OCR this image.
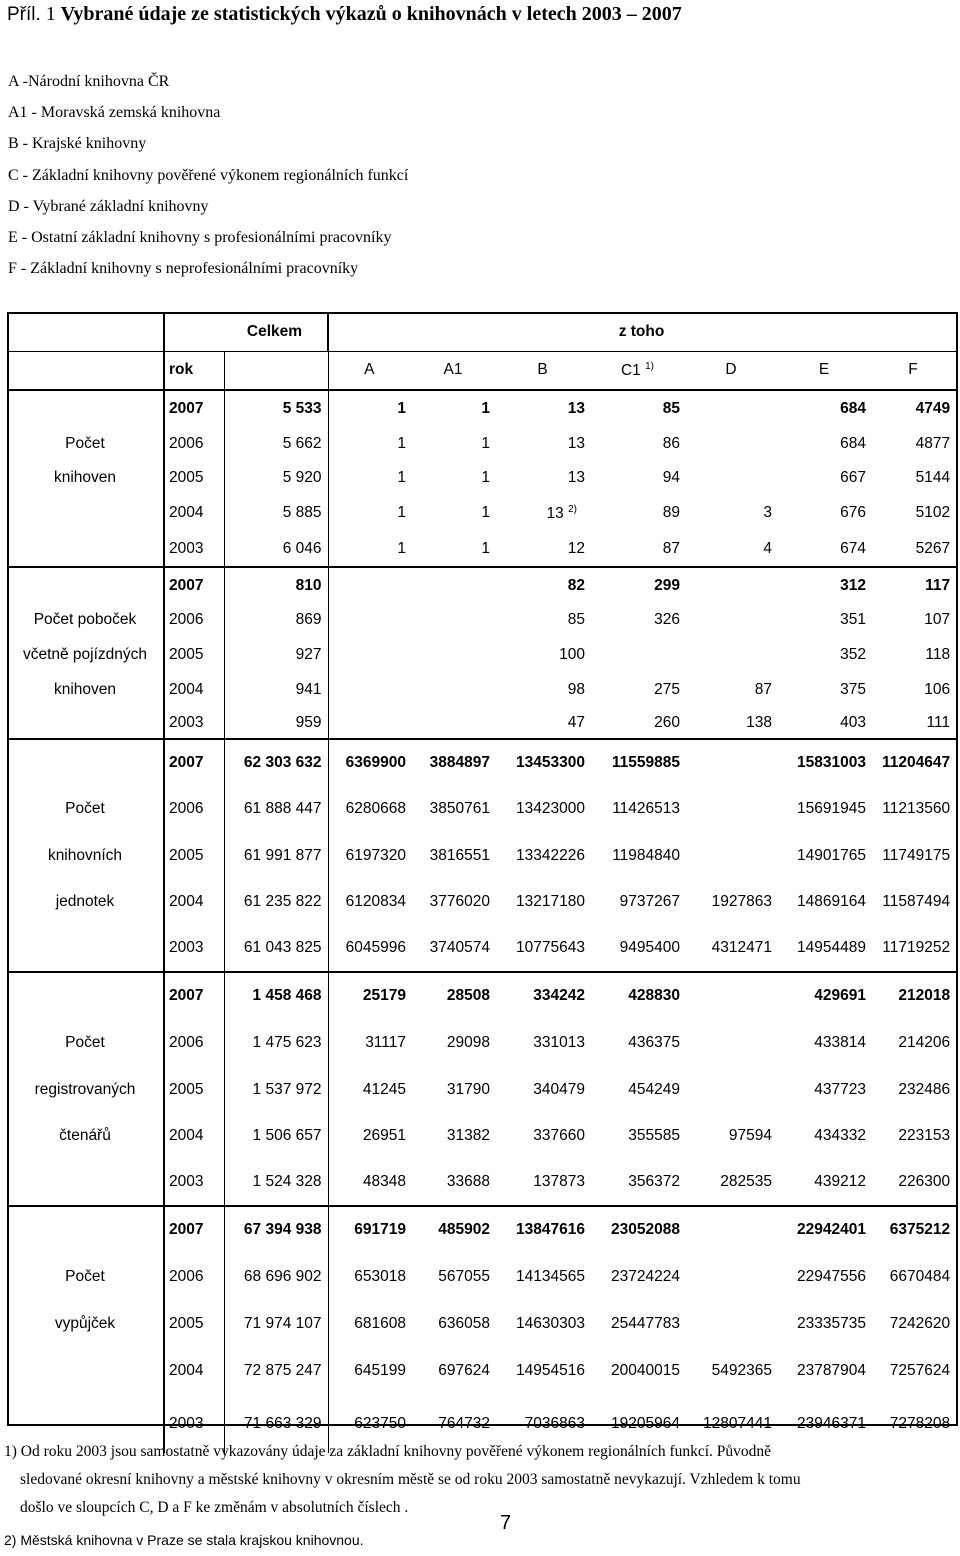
Příl. 1 Vybrané údaje ze statistických výkazů o knihovnách v letech 2003 – 2007
A -Národní knihovna ČR
A1 - Moravská zemská knihovna
B - Krajské knihovny
C - Základní knihovny pověřené výkonem regionálních funkcí
D - Vybrané základní knihovny
E - Ostatní základní knihovny s profesionálními pracovníky
F - Základní knihovny s neprofesionálními pracovníky
		Celkem	z toho						
	rok		A	A1	B	C1 $^{1)}$	D	E	F
	2007	5 533	1	1	13	85		684	4749
Počet	2006	5 662	1	1	13	86		684	4877
knihoven	2005	5 920	1	1	13	94		667	5144
	2004	5 885	1	1	13 $^{2)}$	89	3	676	5102
	2003	6 046	1	1	12	87	4	674	5267
	2007	810			82	299		312	117
Počet poboček	2006	869			85	326		351	107
včetně pojízdných	2005	927			100			352	118
knihoven	2004	941			98	275	87	375	106
	2003	959			47	260	138	403	111
	2007	62 303 632	6369900	3884897	13453300	11559885		15831003	11204647
Počet	2006	61 888 447	6280668	3850761	13423000	11426513		15691945	11213560
knihovních	2005	61 991 877	6197320	3816551	13342226	11984840		14901765	11749175
jednotek	2004	61 235 822	6120834	3776020	13217180	9737267	1927863	14869164	11587494
	2003	61 043 825	6045996	3740574	10775643	9495400	4312471	14954489	11719252
	2007	1 458 468	25179	28508	334242	428830		429691	212018
Počet	2006	1 475 623	31117	29098	331013	436375		433814	214206
registrovaných	2005	1 537 972	41245	31790	340479	454249		437723	232486
čtenářů	2004	1 506 657	26951	31382	337660	355585	97594	434332	223153
	2003	1 524 328	48348	33688	137873	356372	282535	439212	226300
	2007	67 394 938	691719	485902	13847616	23052088		22942401	6375212
Počet	2006	68 696 902	653018	567055	14134565	23724224		22947556	6670484
vypůjček	2005	71 974 107	681608	636058	14630303	25447783		23335735	7242620
	2004	72 875 247	645199	697624	14954516	20040015	5492365	23787904	7257624
	2003	71 663 329	623750	764732	7036863	19205964	12807441	23946371	7278208
1) Od roku 2003 jsou samostatně vykazovány údaje za základní knihovny pověřené výkonem regionálních funkcí. Původně
sledované okresní knihovny a městské knihovny v okresním městě se od roku 2003 samostatně nevykazují. Vzhledem k tomu
došlo ve sloupcích C, D a F ke změnám v absolutních číslech .
2) Městská knihovna v Praze se stala krajskou knihovnou.
7
